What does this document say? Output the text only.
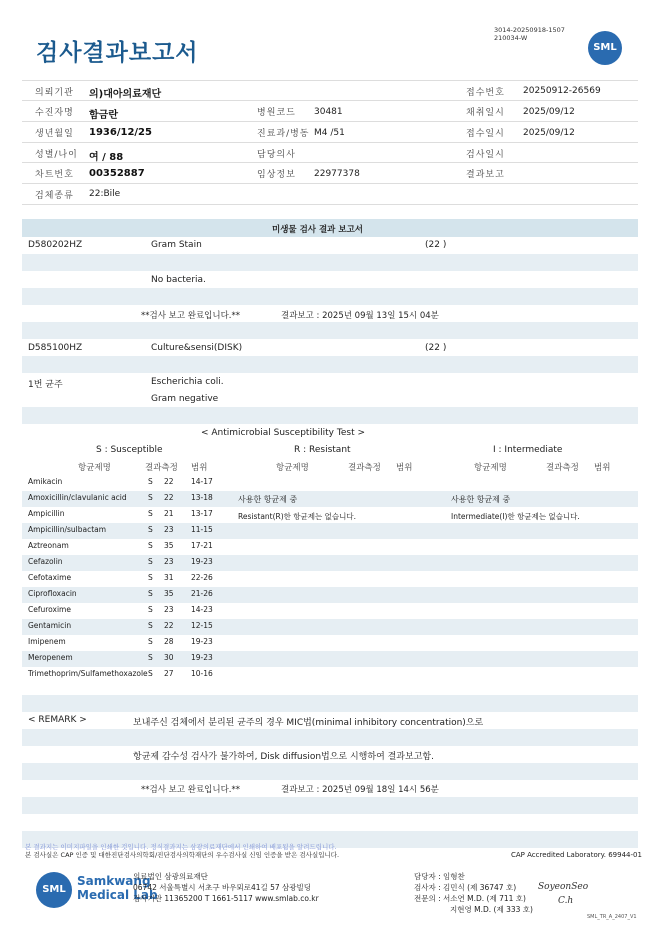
검사결과보고서
3014-20250918-1507
210034-W
SML
의뢰기관 의)대아의료재단	접수번호 20250912-26569
수진자명 함금란	병원코드 30481	채취일시 2025/09/12
생년월일 1936/12/25	진료과/병동 M4 /51	접수일시 2025/09/12
성별/나이 여 / 88	담당의사	검사일시
차트번호 00352887	임상정보 22977378	결과보고
검체종류 22:Bile
미생물 검사 결과 보고서
D580202HZ	Gram Stain	(22 )
No bacteria.
**검사 보고 완료입니다.**	결과보고 : 2025년 09월 13일 15시 04분
D585100HZ	Culture&sensi(DISK)	(22 )
1번 균주	Escherichia coli.
Gram negative
< Antimicrobial Susceptibility Test >
S : Susceptible	R : Resistant	I : Intermediate
항균제명	결과측정 범위	항균제명	결과측정 범위	항균제명	결과측정 범위
Amikacin	S 22 14-17
Amoxicillin/clavulanic acid	S 22 13-18
Ampicillin	S 21 13-17
Ampicillin/sulbactam	S 23 11-15
Aztreonam	S 35 17-21
Cefazolin	S 23 19-23
Cefotaxime	S 31 22-26
Ciprofloxacin	S 35 21-26
Cefuroxime	S 23 14-23
Gentamicin	S 22 12-15
Imipenem	S 28 19-23
Meropenem	S 30 19-23
Trimethoprim/Sulfamethoxazole S 27 10-16
사용한 항균제 중
Resistant(R)한 항균제는 없습니다.
사용한 항균제 중
Intermediate(I)한 항균제는 없습니다.
< REMARK >	보내주신 검체에서 분리된 균주의 경우 MIC법(minimal inhibitory concentration)으로
항균제 감수성 검사가 불가하여, Disk diffusion법으로 시행하여 결과보고함.
**검사 보고 완료입니다.**	결과보고 : 2025년 09월 18일 14시 56분
본 결과지는 이미지파일을 인쇄한 것입니다. 정식결과지는 삼광의료재단에서 인쇄하여 배포됨을 알려드립니다.
본 검사실은 CAP 인증 및 대한진단검사의학회/진단검사의학재단의 우수검사실 신임 인증을 받은 검사실입니다.	CAP Accredited Laboratory. 69944-01
SML
Samkwang
Medical Lab
의료법인 삼광의료재단
06742 서울특별시 서초구 바우뫼로41길 57 삼광빌딩
검사기관 11365200 T 1661-5117 www.smlab.co.kr
담당자 : 임형찬
검사자 : 김민식 (제 36747 호)
전문의 : 서소연 M.D. (제 711 호)
지현영 M.D. (제 333 호)
SoyeonSeo
C.h
SML_TR_A_2407_V1
